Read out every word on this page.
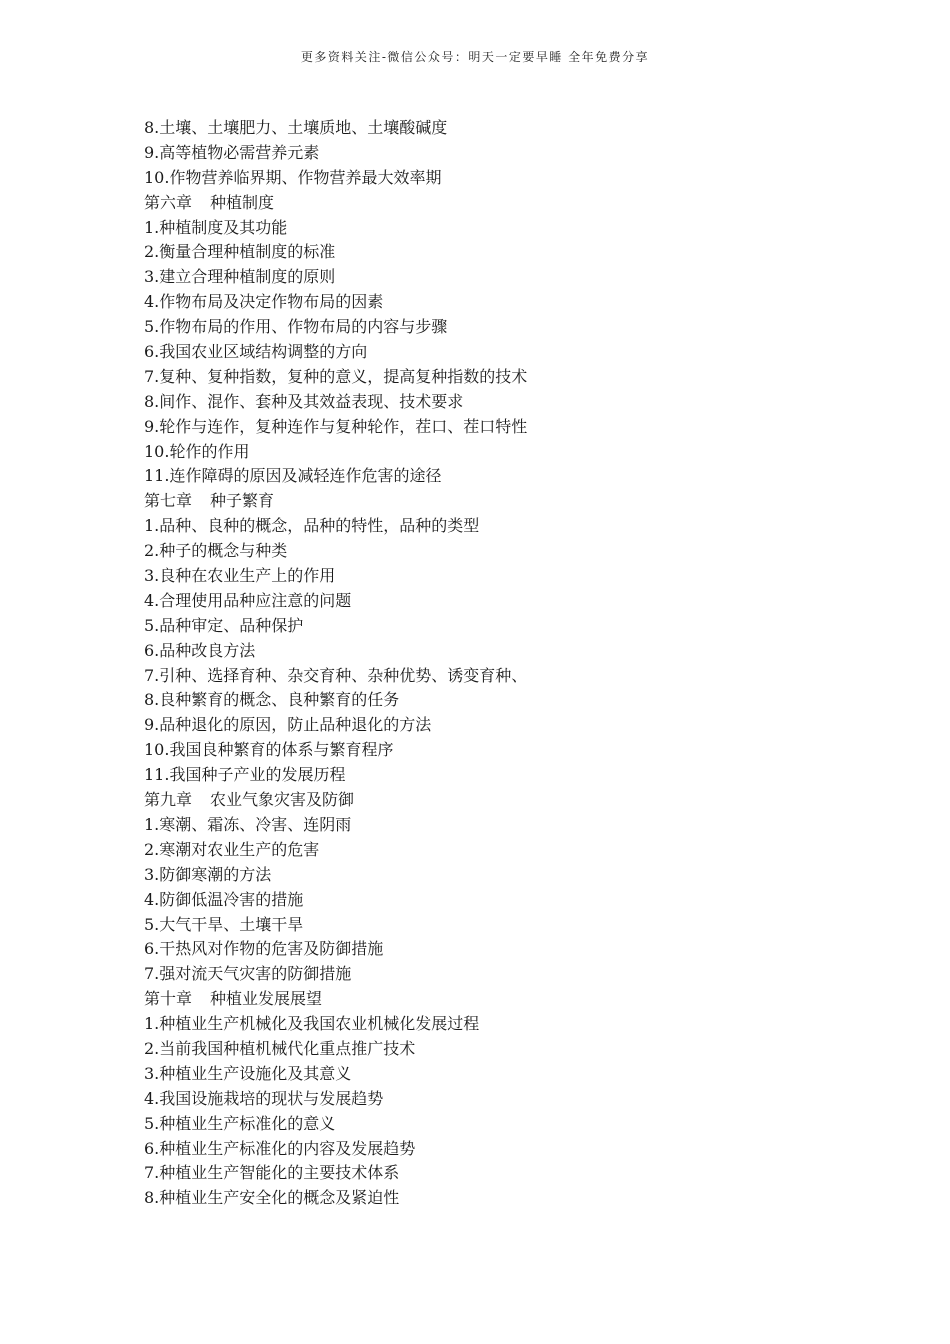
更多资料关注-微信公众号：明天一定要早睡 全年免费分享
8.土壤、土壤肥力、土壤质地、土壤酸碱度
9.高等植物必需营养元素
10.作物营养临界期、作物营养最大效率期
第六章 种植制度
1.种植制度及其功能
2.衡量合理种植制度的标准
3.建立合理种植制度的原则
4.作物布局及决定作物布局的因素
5.作物布局的作用、作物布局的内容与步骤
6.我国农业区域结构调整的方向
7.复种、复种指数，复种的意义，提高复种指数的技术
8.间作、混作、套种及其效益表现、技术要求
9.轮作与连作，复种连作与复种轮作，茬口、茬口特性
10.轮作的作用
11.连作障碍的原因及减轻连作危害的途径
第七章 种子繁育
1.品种、良种的概念，品种的特性，品种的类型
2.种子的概念与种类
3.良种在农业生产上的作用
4.合理使用品种应注意的问题
5.品种审定、品种保护
6.品种改良方法
7.引种、选择育种、杂交育种、杂种优势、诱变育种、
8.良种繁育的概念、良种繁育的任务
9.品种退化的原因，防止品种退化的方法
10.我国良种繁育的体系与繁育程序
11.我国种子产业的发展历程
第九章 农业气象灾害及防御
1.寒潮、霜冻、冷害、连阴雨
2.寒潮对农业生产的危害
3.防御寒潮的方法
4.防御低温冷害的措施
5.大气干旱、土壤干旱
6.干热风对作物的危害及防御措施
7.强对流天气灾害的防御措施
第十章 种植业发展展望
1.种植业生产机械化及我国农业机械化发展过程
2.当前我国种植机械代化重点推广技术
3.种植业生产设施化及其意义
4.我国设施栽培的现状与发展趋势
5.种植业生产标准化的意义
6.种植业生产标准化的内容及发展趋势
7.种植业生产智能化的主要技术体系
8.种植业生产安全化的概念及紧迫性
